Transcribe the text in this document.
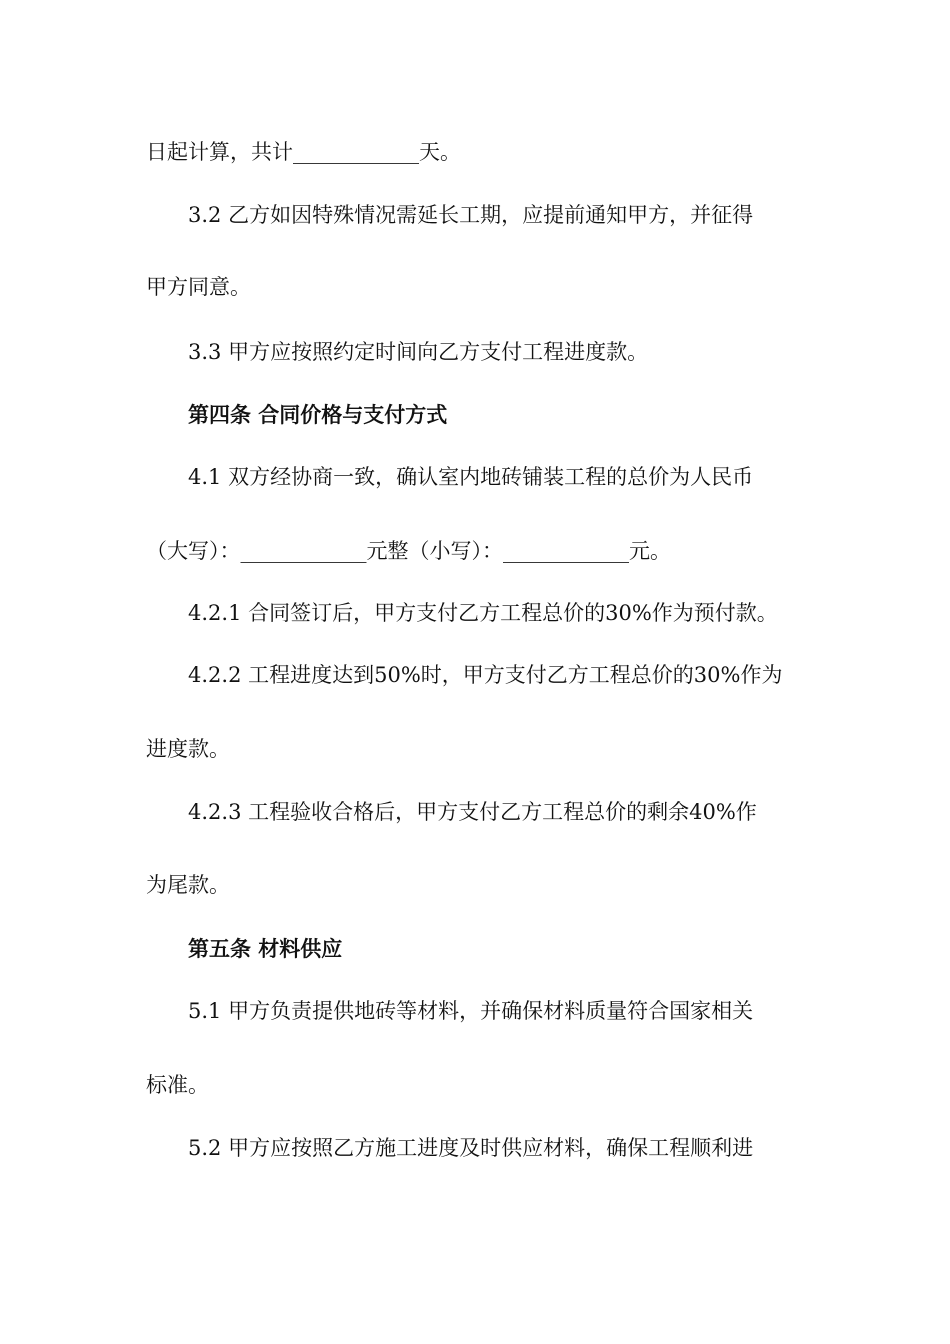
日起计算，共计____________天。
3.2 乙方如因特殊情况需延长工期，应提前通知甲方，并征得
甲方同意。
3.3 甲方应按照约定时间向乙方支付工程进度款。
第四条 合同价格与支付方式
4.1 双方经协商一致，确认室内地砖铺装工程的总价为人民币
（大写）：____________元整（小写）：____________元。
4.2.1 合同签订后，甲方支付乙方工程总价的30%作为预付款。
4.2.2 工程进度达到50%时，甲方支付乙方工程总价的30%作为
进度款。
4.2.3 工程验收合格后，甲方支付乙方工程总价的剩余40%作
为尾款。
第五条 材料供应
5.1 甲方负责提供地砖等材料，并确保材料质量符合国家相关
标准。
5.2 甲方应按照乙方施工进度及时供应材料，确保工程顺利进
